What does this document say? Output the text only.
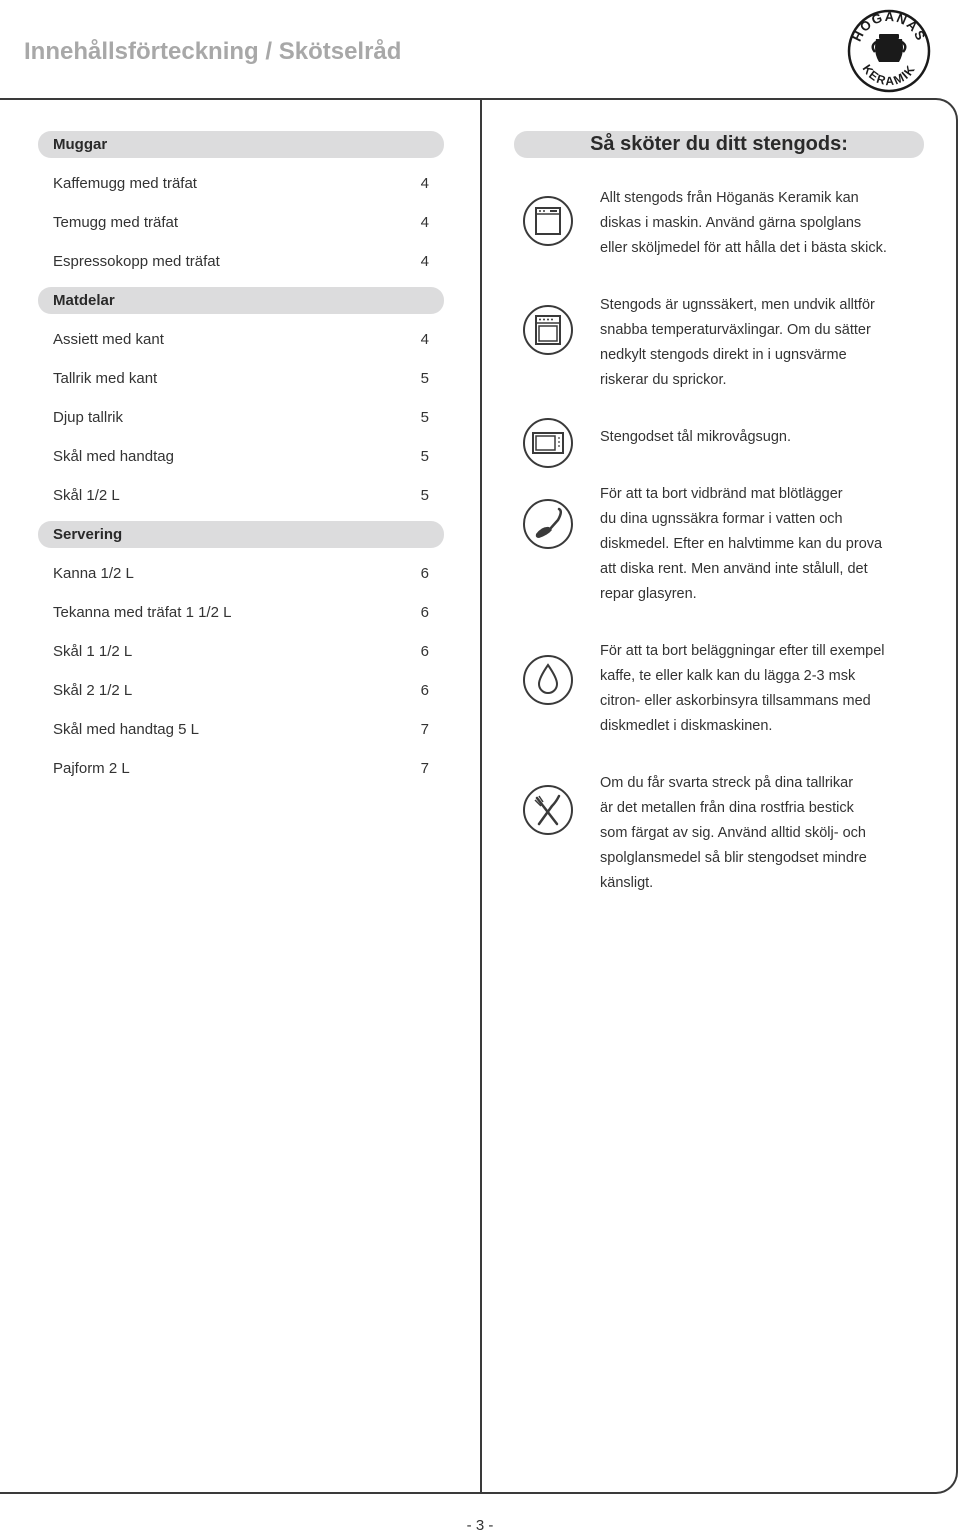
Innehållsförteckning / Skötselråd
HÖGANÄS
KERAMIK
Muggar
Kaffemugg med träfat	4
Temugg med träfat	4
Espressokopp med träfat	4
Matdelar
Assiett med kant	4
Tallrik med kant	5
Djup tallrik	5
Skål med handtag	5
Skål 1/2 L	5
Servering
Kanna 1/2 L	6
Tekanna med träfat 1 1/2 L	6
Skål 1 1/2 L	6
Skål 2 1/2 L	6
Skål med handtag 5 L	7
Pajform 2 L	7
Så sköter du ditt stengods:
Allt stengods från Höganäs Keramik kan
diskas i maskin. Använd gärna spolglans
eller sköljmedel för att hålla det i bästa skick.
Stengods är ugnssäkert, men undvik alltför
snabba temperaturväxlingar. Om du sätter
nedkylt stengods direkt in i ugnsvärme
riskerar du sprickor.
Stengodset tål mikrovågsugn.
För att ta bort vidbränd mat blötlägger
du dina ugnssäkra formar i vatten och
diskmedel. Efter en halvtimme kan du prova
att diska rent. Men använd inte stålull, det
repar glasyren.
För att ta bort beläggningar efter till exempel
kaffe, te eller kalk kan du lägga 2-3 msk
citron- eller askorbinsyra tillsammans med
diskmedlet i diskmaskinen.
Om du får svarta streck på dina tallrikar
är det metallen från dina rostfria bestick
som färgat av sig. Använd alltid skölj- och
spolglansmedel så blir stengodset mindre
känsligt.
- 3 -
